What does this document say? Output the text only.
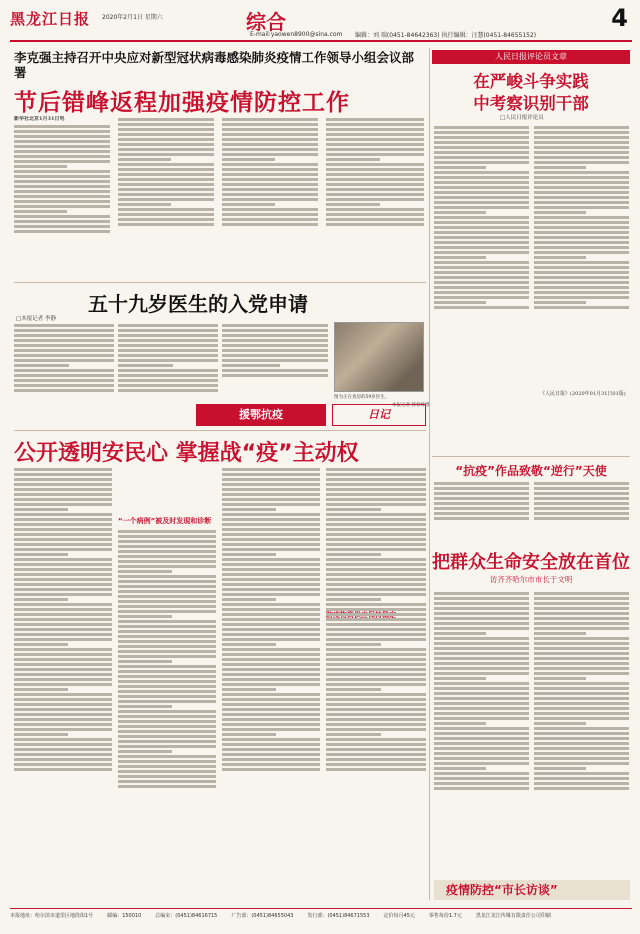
黑龙江日报 2020年2月1日 星期六	综合
E-mail:yaowen8900@sina.com 编辑：刘 瑞(0451-84642363) 执行编辑：汪慧(0451-84655152)
4
李克强主持召开中央应对新型冠状病毒感染肺炎疫情工作领导小组会议部署
节后错峰返程加强疫情防控工作
新华社北京1月31日电
人民日报评论员文章
在严峻斗争实践
中考察识别干部
□人民日报评论员
《人民日报》(2020年01月31日01版)
五十九岁医生的入党申请
□本报记者 李静
图为正在查房的59岁医生。
本报记者 韩春峰摄
援鄂抗疫	日记
公开透明安民心 掌握战“疫”主动权
“一个病例”被及时发现和诊断
“抗疫”作品致敬“逆行”天使
把群众生命安全放在首位
访齐齐哈尔市市长于文明
疫情防控“市长访谈”
本报地址：哈尔滨市道里区地段街1号	邮编：150010	总编室：(0451)84616715	广告部：(0451)84655043	发行部：(0451)84671553	定价每月45元	零售每份1.7元	黑龙江龙江传媒有限责任公司印刷
